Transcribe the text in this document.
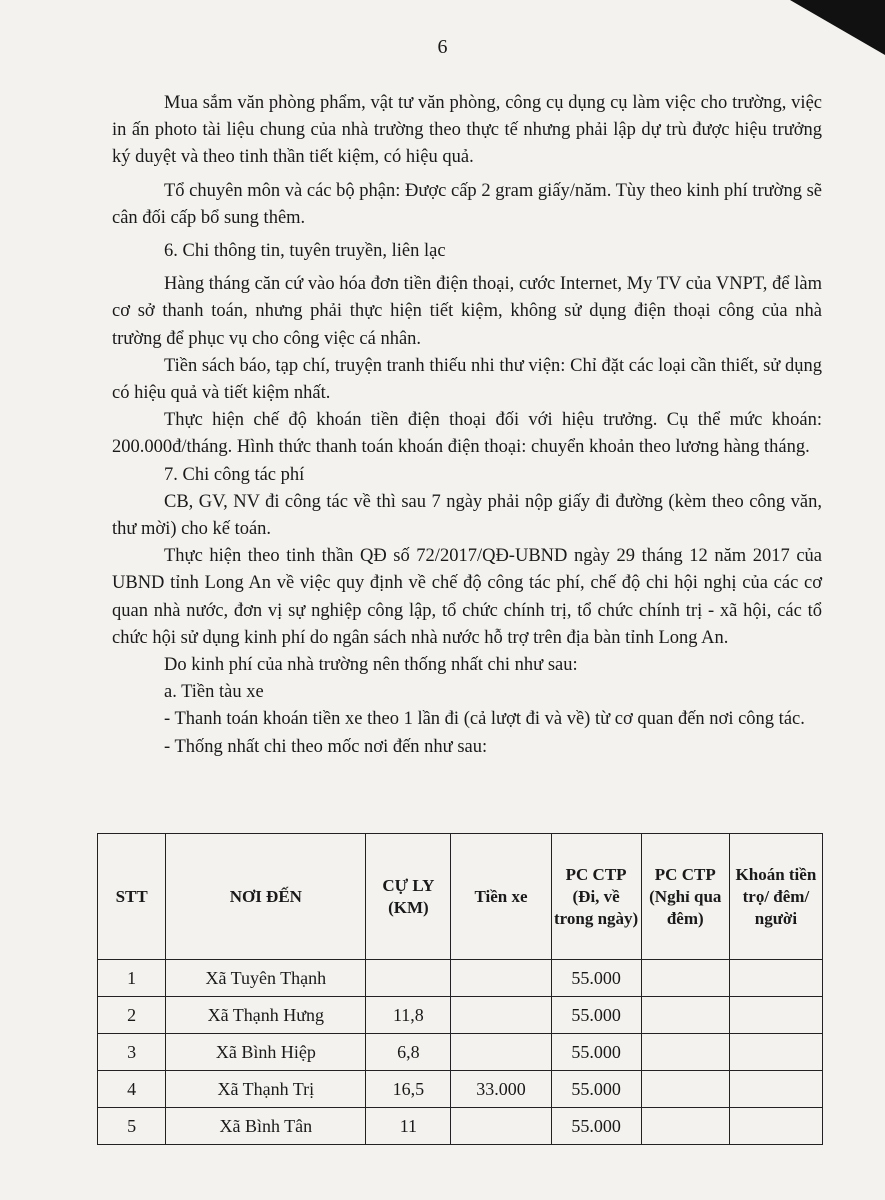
6

Mua sắm văn phòng phẩm, vật tư văn phòng, công cụ dụng cụ làm việc cho trường, việc in ấn photo tài liệu chung của nhà trường theo thực tế nhưng phải lập dự trù được hiệu trưởng ký duyệt và theo tinh thần tiết kiệm, có hiệu quả.

Tổ chuyên môn và các bộ phận: Được cấp 2 gram giấy/năm. Tùy theo kinh phí trường sẽ cân đối cấp bổ sung thêm.

6. Chi thông tin, tuyên truyền, liên lạc

Hàng tháng căn cứ vào hóa đơn tiền điện thoại, cước Internet, My TV của VNPT, để làm cơ sở thanh toán, nhưng phải thực hiện tiết kiệm, không sử dụng điện thoại công của nhà trường để phục vụ cho công việc cá nhân.

Tiền sách báo, tạp chí, truyện tranh thiếu nhi thư viện: Chỉ đặt các loại cần thiết, sử dụng có hiệu quả và tiết kiệm nhất.

Thực hiện chế độ khoán tiền điện thoại đối với hiệu trưởng. Cụ thể mức khoán: 200.000đ/tháng. Hình thức thanh toán khoán điện thoại: chuyển khoản theo lương hàng tháng.

7. Chi công tác phí

CB, GV, NV đi công tác về thì sau 7 ngày phải nộp giấy đi đường (kèm theo công văn, thư mời) cho kế toán.

Thực hiện theo tinh thần QĐ số 72/2017/QĐ-UBND ngày 29 tháng 12 năm 2017 của UBND tỉnh Long An về việc quy định về chế độ công tác phí, chế độ chi hội nghị của các cơ quan nhà nước, đơn vị sự nghiệp công lập, tổ chức chính trị, tổ chức chính trị - xã hội, các tổ chức hội sử dụng kinh phí do ngân sách nhà nước hỗ trợ trên địa bàn tỉnh Long An.

Do kinh phí của nhà trường nên thống nhất chi như sau:

a. Tiền tàu xe

- Thanh toán khoán tiền xe theo 1 lần đi (cả lượt đi và về) từ cơ quan đến nơi công tác.

- Thống nhất chi theo mốc nơi đến như sau:

STT	NƠI ĐẾN	CỰ LY (KM)	Tiền xe	PC CTP (Đi, về trong ngày)	PC CTP (Nghỉ qua đêm)	Khoán tiền trọ/ đêm/ người
1	Xã Tuyên Thạnh			55.000		
2	Xã Thạnh Hưng	11,8		55.000		
3	Xã Bình Hiệp	6,8		55.000		
4	Xã Thạnh Trị	16,5	33.000	55.000		
5	Xã Bình Tân	11		55.000		
